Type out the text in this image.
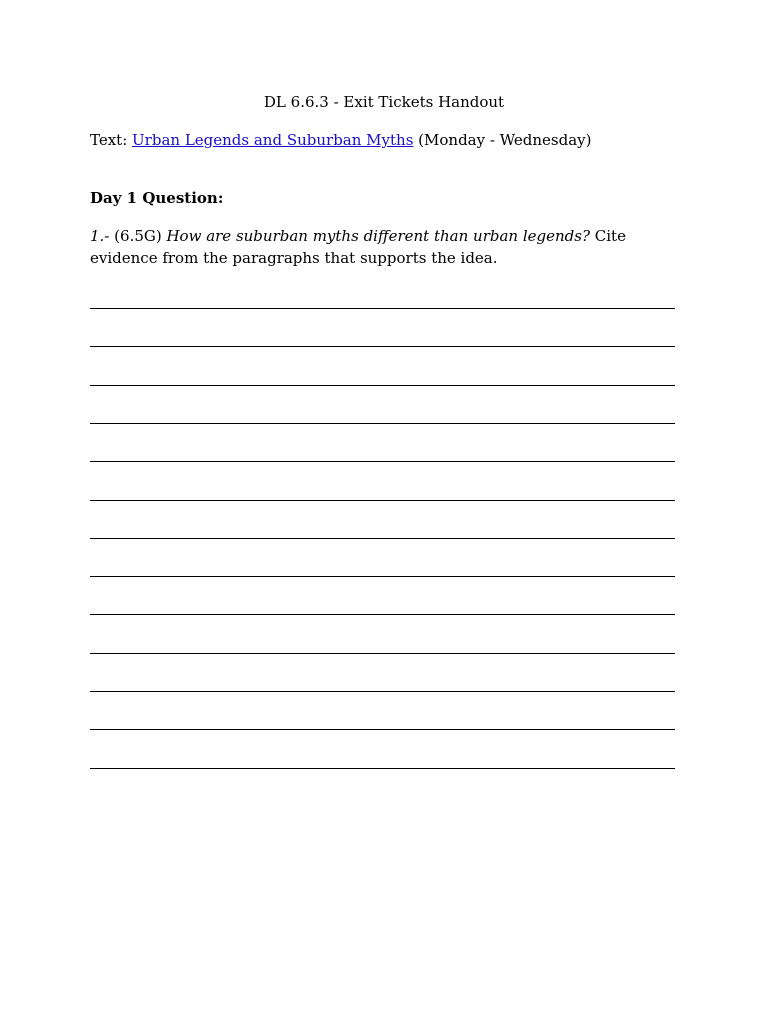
DL 6.6.3 - Exit Tickets Handout
Text: Urban Legends and Suburban Myths (Monday - Wednesday)
Day 1 Question:
1.- (6.5G) How are suburban myths different than urban legends? Cite evidence from the paragraphs that supports the idea.
